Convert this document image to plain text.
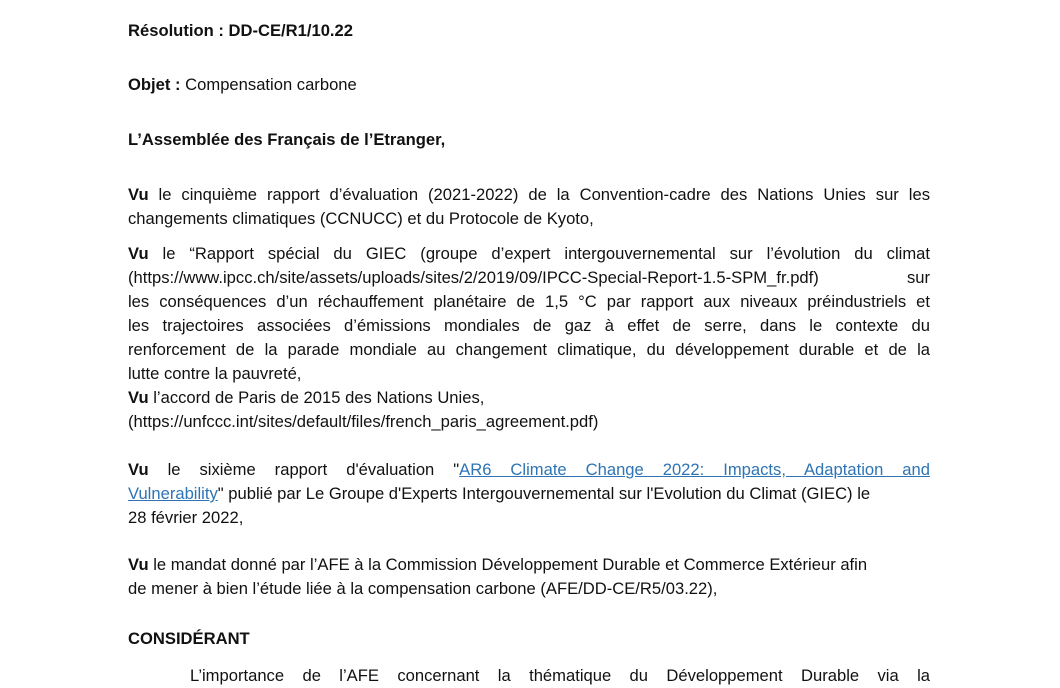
Résolution : DD-CE/R1/10.22
Objet : Compensation carbone
L’Assemblée des Français de l’Etranger,
Vu le cinquième rapport d’évaluation (2021-2022) de la Convention-cadre des Nations Unies sur les
changements climatiques (CCNUCC) et du Protocole de Kyoto,
Vu le “Rapport spécial du GIEC (groupe d’expert intergouvernemental sur l’évolution du climat
(https://www.ipcc.ch/site/assets/uploads/sites/2/2019/09/IPCC-Special-Report-1.5-SPM_fr.pdf)	sur
les conséquences d’un réchauffement planétaire de 1,5 °C par rapport aux niveaux préindustriels et
les trajectoires associées d’émissions mondiales de gaz à effet de serre, dans le contexte du
renforcement de la parade mondiale au changement climatique, du développement durable et de la
lutte contre la pauvreté,
Vu l’accord de Paris de 2015 des Nations Unies,
(https://unfccc.int/sites/default/files/french_paris_agreement.pdf)
Vu le sixième rapport d'évaluation "AR6 Climate Change 2022: Impacts, Adaptation and
Vulnerability" publié par Le Groupe d'Experts Intergouvernemental sur l'Evolution du Climat (GIEC) le
28 février 2022,
Vu le mandat donné par l’AFE à la Commission Développement Durable et Commerce Extérieur afin
de mener à bien l’étude liée à la compensation carbone (AFE/DD-CE/R5/03.22),
CONSIDÉRANT
L’importance de l’AFE concernant la thématique du Développement Durable via la
